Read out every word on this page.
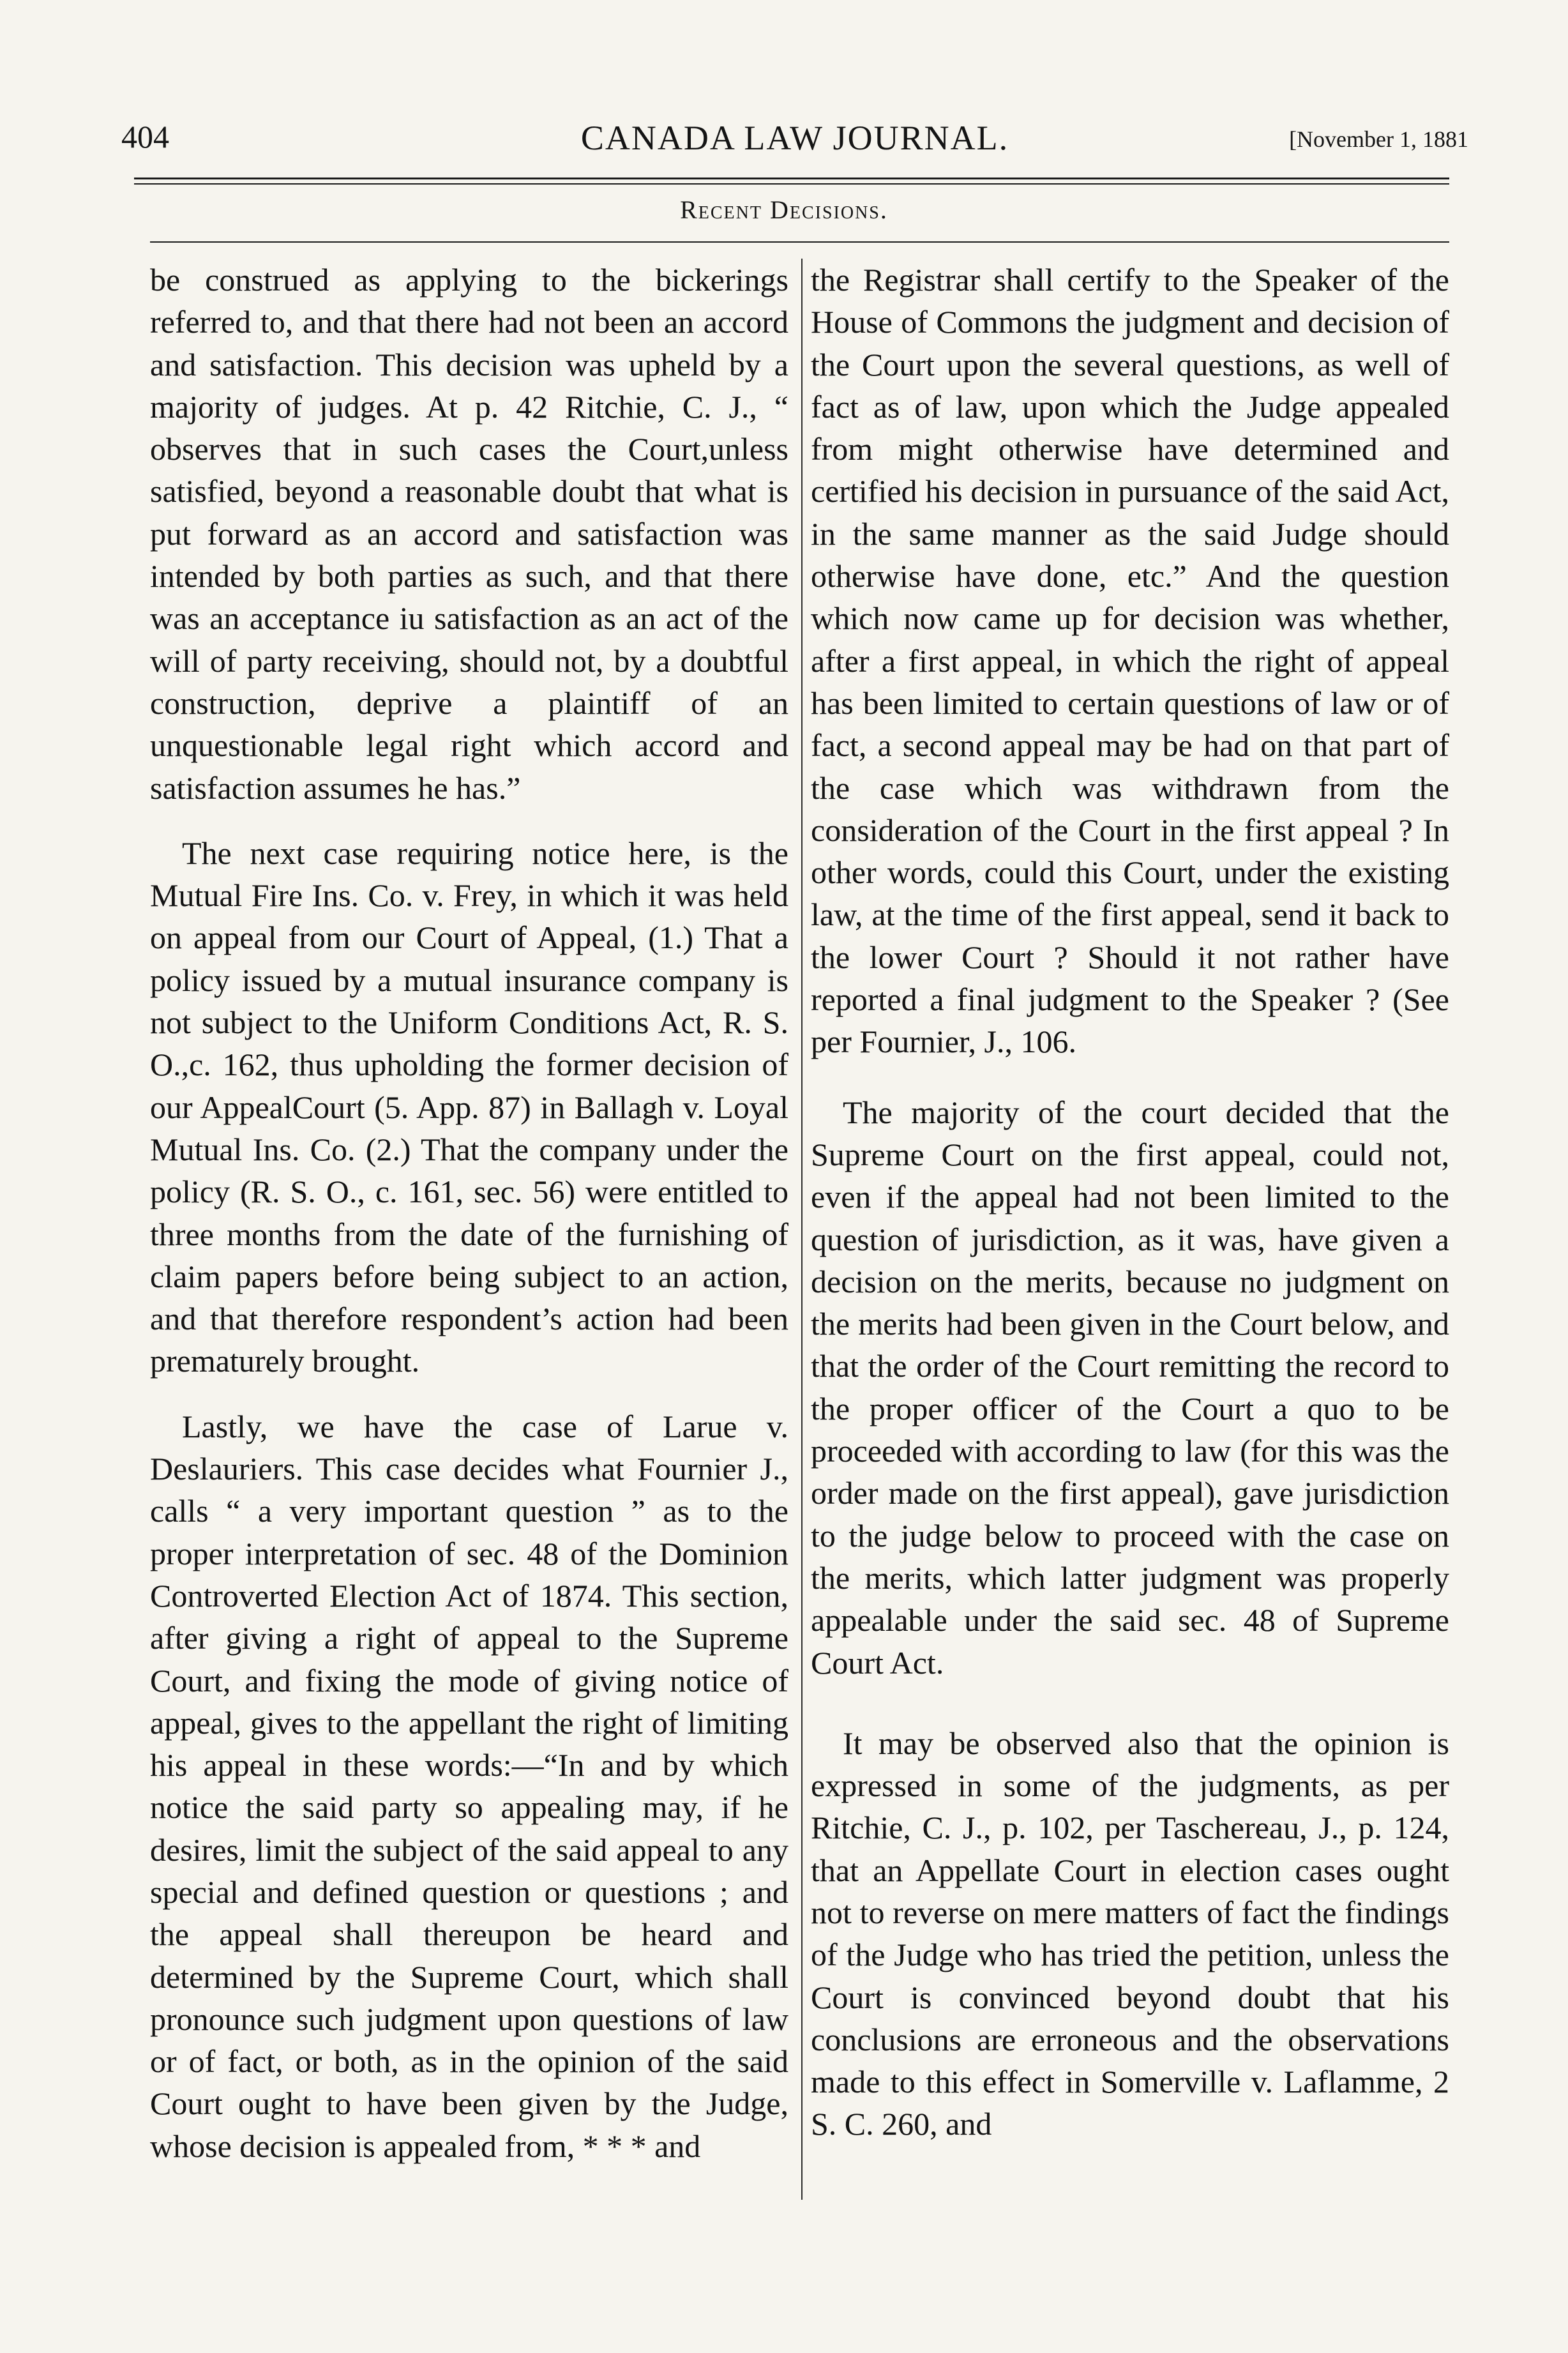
404	CANADA LAW JOURNAL.	[November 1, 1881
Recent Decisions.

be construed as applying to the bickerings referred to, and that there had not been an accord and satisfaction. This decision was upheld by a majority of judges. At p. 42 Ritchie, C. J., “ observes that in such cases the Court,unless satisfied, beyond a reasonable doubt that what is put forward as an accord and satisfaction was intended by both parties as such, and that there was an acceptance iu satisfaction as an act of the will of party receiving, should not, by a doubtful construction, deprive a plaintiff of an unquestionable legal right which accord and satisfaction assumes he has.”

The next case requiring notice here, is the Mutual Fire Ins. Co. v. Frey, in which it was held on appeal from our Court of Appeal, (1.) That a policy issued by a mutual insurance company is not subject to the Uniform Conditions Act, R. S. O.,c. 162, thus upholding the former decision of our AppealCourt (5. App. 87) in Ballagh v. Loyal Mutual Ins. Co. (2.) That the company under the policy (R. S. O., c. 161, sec. 56) were entitled to three months from the date of the furnishing of claim papers before being subject to an action, and that therefore respondent’s action had been prematurely brought.

Lastly, we have the case of Larue v. Deslauriers. This case decides what Fournier J., calls “ a very important question ” as to the proper interpretation of sec. 48 of the Dominion Controverted Election Act of 1874. This section, after giving a right of appeal to the Supreme Court, and fixing the mode of giving notice of appeal, gives to the appellant the right of limiting his appeal in these words:—“In and by which notice the said party so appealing may, if he desires, limit the subject of the said appeal to any special and defined question or questions ; and the appeal shall thereupon be heard and determined by the Supreme Court, which shall pronounce such judgment upon questions of law or of fact, or both, as in the opinion of the said Court ought to have been given by the Judge, whose decision is appealed from, * * * and

the Registrar shall certify to the Speaker of the House of Commons the judgment and decision of the Court upon the several questions, as well of fact as of law, upon which the Judge appealed from might otherwise have determined and certified his decision in pursuance of the said Act, in the same manner as the said Judge should otherwise have done, etc.” And the question which now came up for decision was whether, after a first appeal, in which the right of appeal has been limited to certain questions of law or of fact, a second appeal may be had on that part of the case which was withdrawn from the consideration of the Court in the first appeal ? In other words, could this Court, under the existing law, at the time of the first appeal, send it back to the lower Court ? Should it not rather have reported a final judgment to the Speaker ? (See per Fournier, J., 106.

The majority of the court decided that the Supreme Court on the first appeal, could not, even if the appeal had not been limited to the question of jurisdiction, as it was, have given a decision on the merits, because no judgment on the merits had been given in the Court below, and that the order of the Court remitting the record to the proper officer of the Court a quo to be proceeded with according to law (for this was the order made on the first appeal), gave jurisdiction to the judge below to proceed with the case on the merits, which latter judgment was properly appealable under the said sec. 48 of Supreme Court Act.

It may be observed also that the opinion is expressed in some of the judgments, as per Ritchie, C. J., p. 102, per Taschereau, J., p. 124, that an Appellate Court in election cases ought not to reverse on mere matters of fact the findings of the Judge who has tried the petition, unless the Court is convinced beyond doubt that his conclusions are erroneous and the observations made to this effect in Somerville v. Laflamme, 2 S. C. 260, and
